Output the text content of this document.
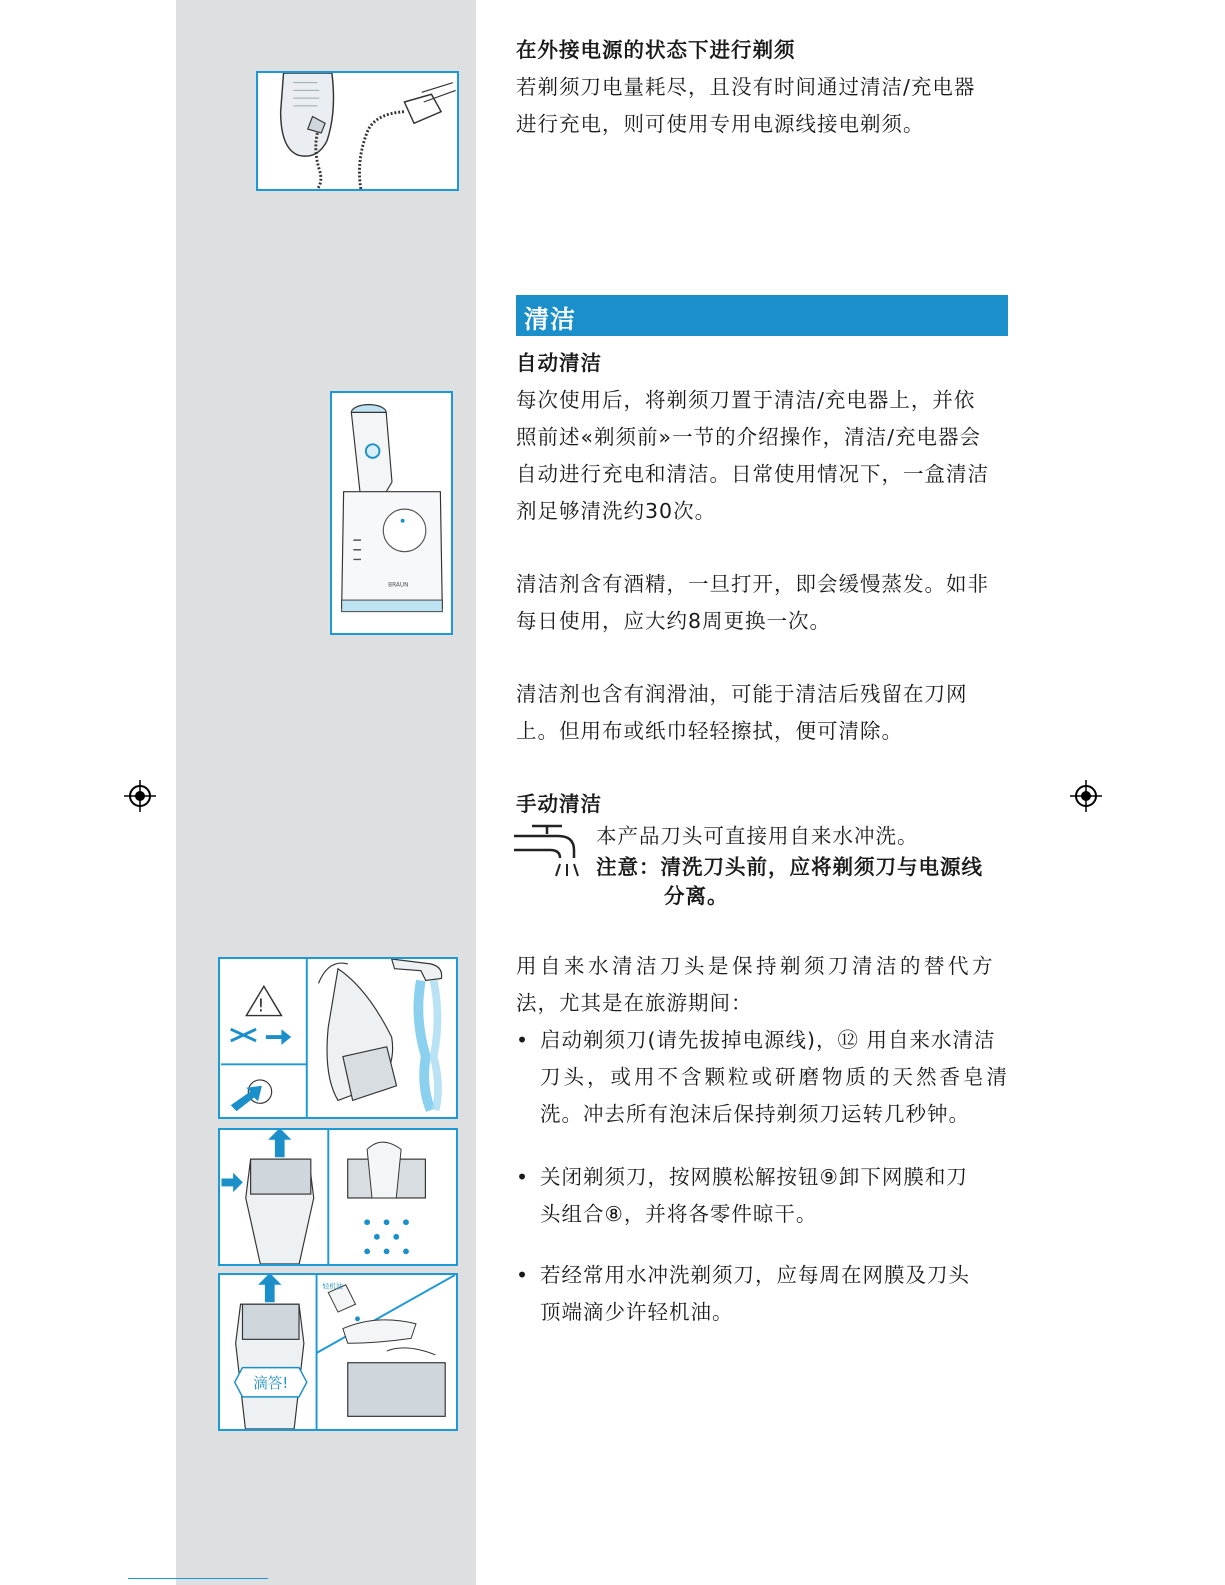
BRAUN
!
滴答!
轻机油
在外接电源的状态下进行剃须
若剃须刀电量耗尽，且没有时间通过清洁/充电器
进行充电，则可使用专用电源线接电剃须。
清洁
自动清洁
每次使用后，将剃须刀置于清洁/充电器上，并依
照前述«剃须前»一节的介绍操作，清洁/充电器会
自动进行充电和清洁。日常使用情况下，一盒清洁
剂足够清洗约30次。
清洁剂含有酒精，一旦打开，即会缓慢蒸发。如非
每日使用，应大约8周更换一次。
清洁剂也含有润滑油，可能于清洁后残留在刀网
上。但用布或纸巾轻轻擦拭，便可清除。
手动清洁
本产品刀头可直接用自来水冲洗。
注意：清洗刀头前，应将剃须刀与电源线
分离。
用自来水清洁刀头是保持剃须刀清洁的替代方
法，尤其是在旅游期间：
• 启动剃须刀(请先拔掉电源线)，⑫ 用自来水清洁
刀头，或用不含颗粒或研磨物质的天然香皂清
洗。冲去所有泡沫后保持剃须刀运转几秒钟。
• 关闭剃须刀，按网膜松解按钮⑨卸下网膜和刀
头组合⑧，并将各零件晾干。
• 若经常用水冲洗剃须刀，应每周在网膜及刀头
顶端滴少许轻机油。
